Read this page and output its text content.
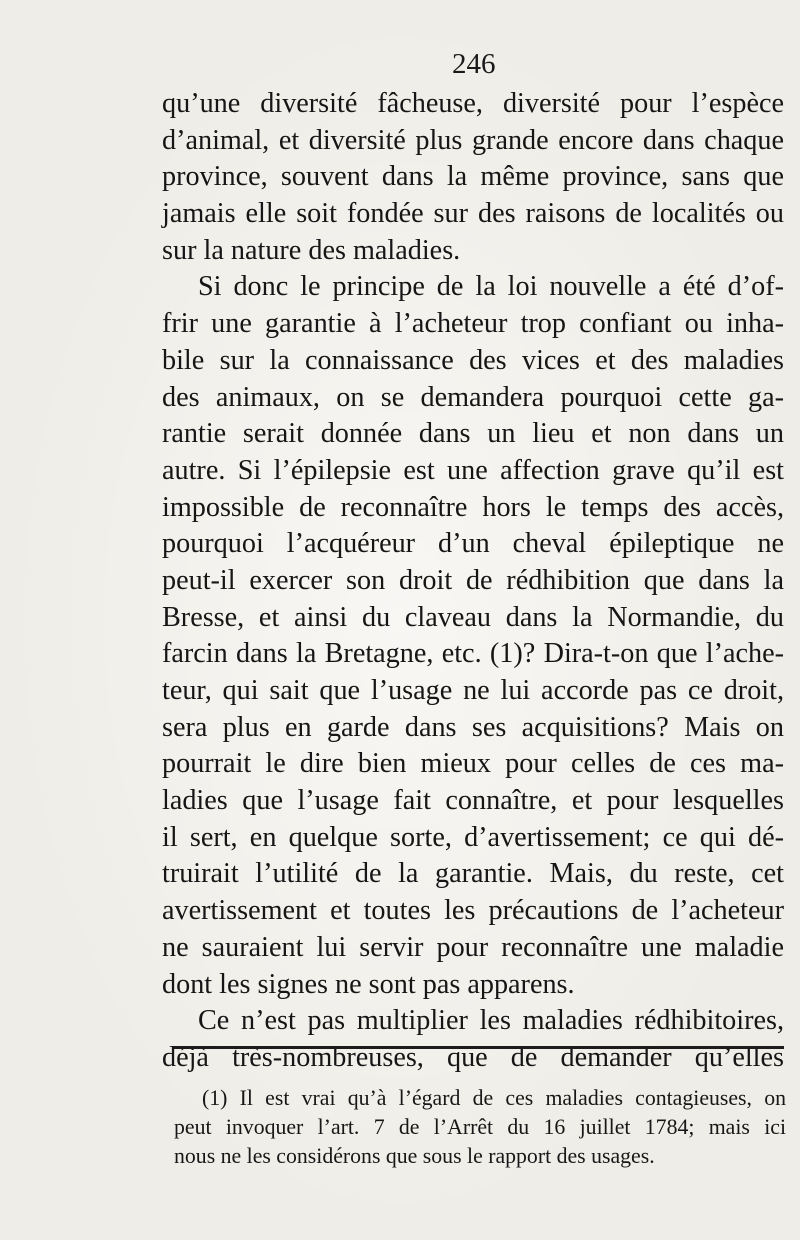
246
qu’une diversité fâcheuse, diversité pour l’espèce
d’animal, et diversité plus grande encore dans chaque
province, souvent dans la même province, sans que
jamais elle soit fondée sur des raisons de localités ou
sur la nature des maladies.
Si donc le principe de la loi nouvelle a été d’of-
frir une garantie à l’acheteur trop confiant ou inha-
bile sur la connaissance des vices et des maladies
des animaux, on se demandera pourquoi cette ga-
rantie serait donnée dans un lieu et non dans un
autre. Si l’épilepsie est une affection grave qu’il est
impossible de reconnaître hors le temps des accès,
pourquoi l’acquéreur d’un cheval épileptique ne
peut-il exercer son droit de rédhibition que dans la
Bresse, et ainsi du claveau dans la Normandie, du
farcin dans la Bretagne, etc. (1)? Dira-t-on que l’ache-
teur, qui sait que l’usage ne lui accorde pas ce droit,
sera plus en garde dans ses acquisitions? Mais on
pourrait le dire bien mieux pour celles de ces ma-
ladies que l’usage fait connaître, et pour lesquelles
il sert, en quelque sorte, d’avertissement; ce qui dé-
truirait l’utilité de la garantie. Mais, du reste, cet
avertissement et toutes les précautions de l’acheteur
ne sauraient lui servir pour reconnaître une maladie
dont les signes ne sont pas apparens.
Ce n’est pas multiplier les maladies rédhibitoires,
déjà très-nombreuses, que de demander qu’elles
(1) Il est vrai qu’à l’égard de ces maladies contagieuses, on
peut invoquer l’art. 7 de l’Arrêt du 16 juillet 1784; mais ici
nous ne les considérons que sous le rapport des usages.
